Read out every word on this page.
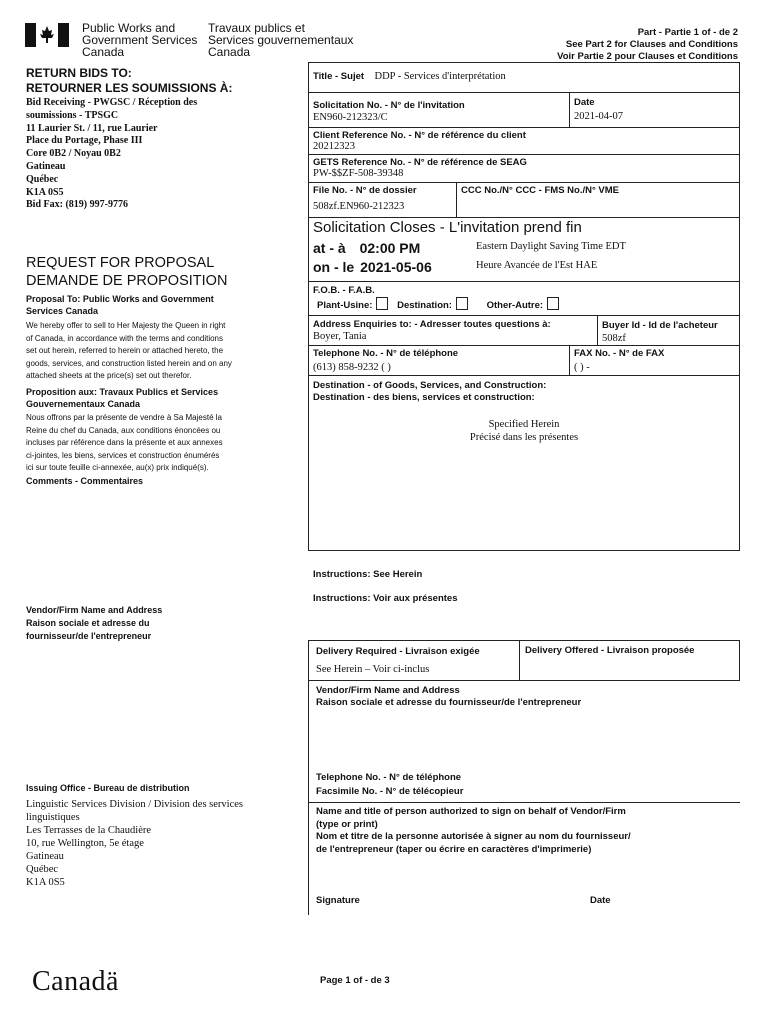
Public Works and
Government Services
Canada
Travaux publics et
Services gouvernementaux
Canada
Part - Partie 1 of - de 2
See Part 2 for Clauses and Conditions
Voir Partie 2 pour Clauses et Conditions
RETURN BIDS TO:
RETOURNER LES SOUMISSIONS À:
Bid Receiving - PWGSC / Réception des
soumissions - TPSGC
11 Laurier St. / 11, rue Laurier
Place du Portage, Phase III
Core 0B2 / Noyau 0B2
Gatineau
Québec
K1A 0S5
Bid Fax: (819) 997-9776
REQUEST FOR PROPOSAL
DEMANDE DE PROPOSITION
Proposal To: Public Works and Government
Services Canada
We hereby offer to sell to Her Majesty the Queen in right
of Canada, in accordance with the terms and conditions
set out herein, referred to herein or attached hereto, the
goods, services, and construction listed herein and on any
attached sheets at the price(s) set out therefor.
Proposition aux: Travaux Publics et Services
Gouvernementaux Canada
Nous offrons par la présente de vendre à Sa Majesté la
Reine du chef du Canada, aux conditions énoncées ou
incluses par référence dans la présente et aux annexes
ci-jointes, les biens, services et construction énumérés
ici sur toute feuille ci-annexée, au(x) prix indiqué(s).
Comments - Commentaires
Vendor/Firm Name and Address
Raison sociale et adresse du
fournisseur/de l'entrepreneur
Issuing Office - Bureau de distribution
Linguistic Services Division / Division des services
linguistiques
Les Terrasses de la Chaudière
10, rue Wellington, 5e étage
Gatineau
Québec
K1A 0S5
Title - Sujet DDP - Services d'interprétation
Solicitation No. - N° de l'invitation
EN960-212323/C
Date
2021-04-07
Client Reference No. - N° de référence du client
20212323
GETS Reference No. - N° de référence de SEAG
PW-$$ZF-508-39348
File No. - N° de dossier
508zf.EN960-212323
CCC No./N° CCC - FMS No./N° VME
Solicitation Closes - L'invitation prend fin
at - à 02:00 PM
on - le 2021-05-06
Eastern Daylight Saving Time EDT
Heure Avancée de l'Est HAE
F.O.B. - F.A.B.
Plant-Usine:	Destination:	Other-Autre:
Address Enquiries to: - Adresser toutes questions à:
Boyer, Tania
Buyer Id - Id de l'acheteur
508zf
Telephone No. - N° de téléphone
(613) 858-9232 ( )
FAX No. - N° de FAX
( ) -
Destination - of Goods, Services, and Construction:
Destination - des biens, services et construction:
Specified Herein
Précisé dans les présentes
Instructions: See Herein
Instructions: Voir aux présentes
Delivery Required - Livraison exigée
See Herein – Voir ci-inclus
Delivery Offered - Livraison proposée
Vendor/Firm Name and Address
Raison sociale et adresse du fournisseur/de l'entrepreneur
Telephone No. - N° de téléphone
Facsimile No. - N° de télécopieur
Name and title of person authorized to sign on behalf of Vendor/Firm
(type or print)
Nom et titre de la personne autorisée à signer au nom du fournisseur/
de l'entrepreneur (taper ou écrire en caractères d'imprimerie)
Signature	Date
Canadä	Page 1 of - de 3
